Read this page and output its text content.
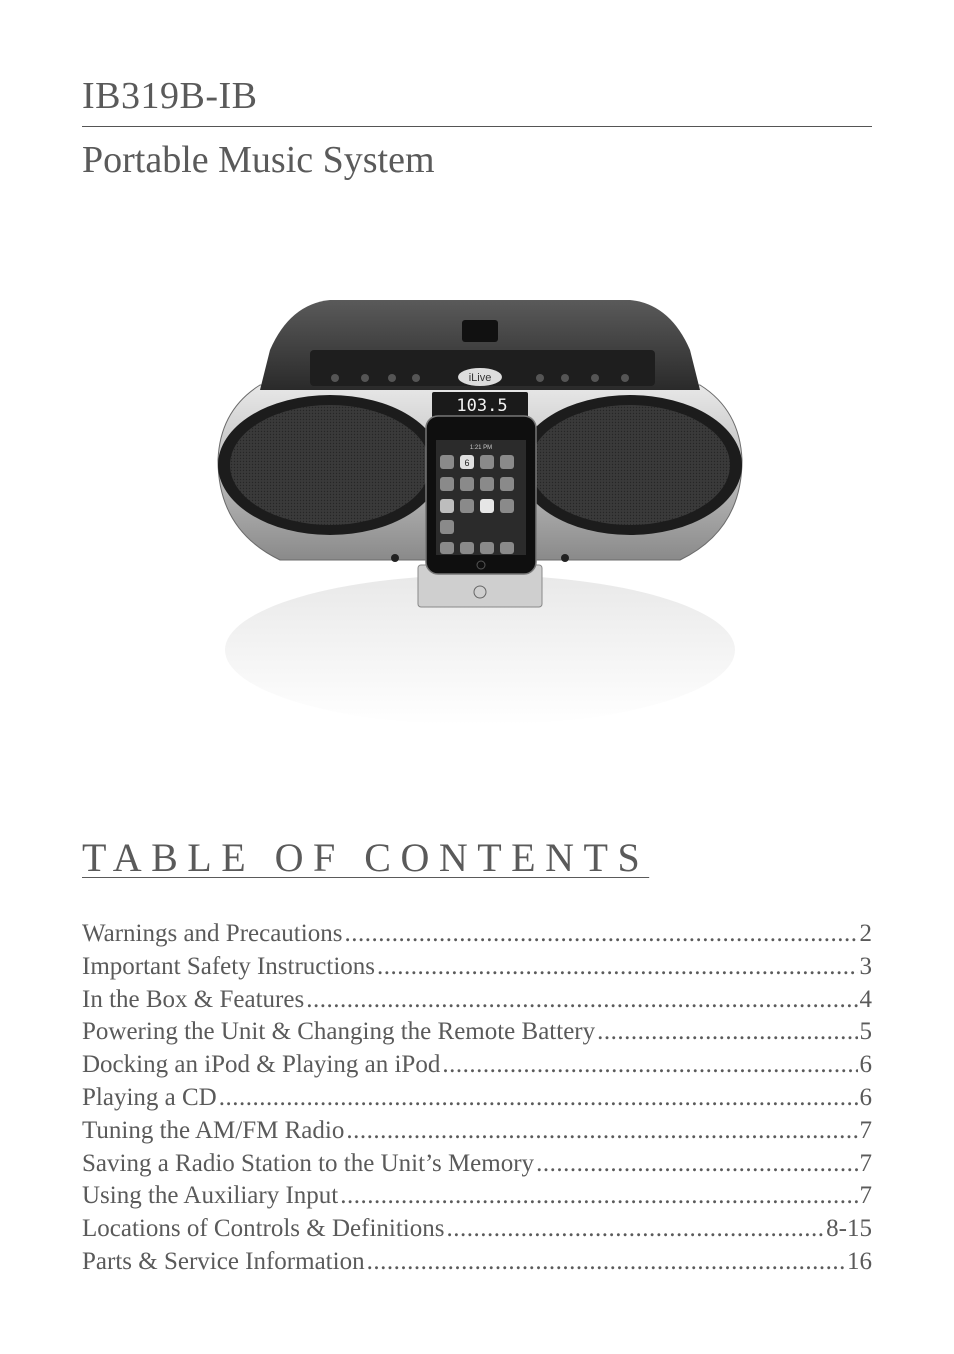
IB319B-IB
Portable Music System
iLive
103.5
1:21 PM
6
TABLE OF CONTENTS
Warnings and Precautions .....	2
Important Safety Instructions .....	3
In the Box & Features .....	4
Powering the Unit & Changing the Remote Battery .....	5
Docking an iPod & Playing an iPod .....	6
Playing a CD .....	6
Tuning the AM/FM Radio .....	7
Saving a Radio Station to the Unit’s Memory .....	7
Using the Auxiliary Input .....	7
Locations of Controls & Definitions .....	8-15
Parts & Service Information .....	16
